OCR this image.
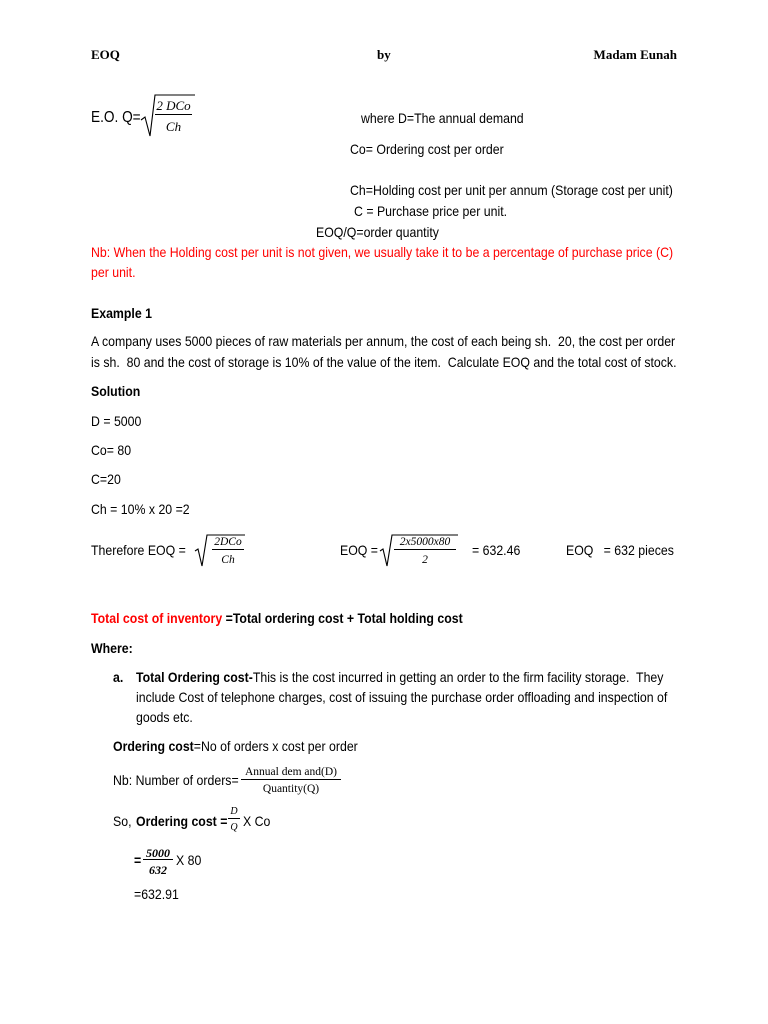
EOQ	by	Madam Eunah
E.O. Q=
2 DCo
Ch
where D=The annual demand
Co= Ordering cost per order
Ch=Holding cost per unit per annum (Storage cost per unit)
C = Purchase price per unit.
EOQ/Q=order quantity
Nb: When the Holding cost per unit is not given, we usually take it to be a percentage of purchase price (C)
per unit.
Example 1
A company uses 5000 pieces of raw materials per annum, the cost of each being sh.  20, the cost per order
is sh.  80 and the cost of storage is 10% of the value of the item.  Calculate EOQ and the total cost of stock.
Solution
D = 5000
Co= 80
C=20
Ch = 10% x 20 =2
Therefore EOQ = 2DCo
Ch
EOQ = $\frac{2x5000x80}{2} = 632.46$	EOQ   = 632 pieces
Total cost of inventory =Total ordering cost + Total holding cost
Where:
a. Total Ordering cost-This is the cost incurred in getting an order to the firm facility storage.  They
include Cost of telephone charges, cost of issuing the purchase order offloading and inspection of
goods etc.
Ordering cost=No of orders x cost per order
Nb: Number of orders= Annual dem and(D)
Quantity(Q)
So, Ordering $\cos t = \frac{D}{Q}$ X Co
= $\frac{5000}{632}$ X 80
=632.91
